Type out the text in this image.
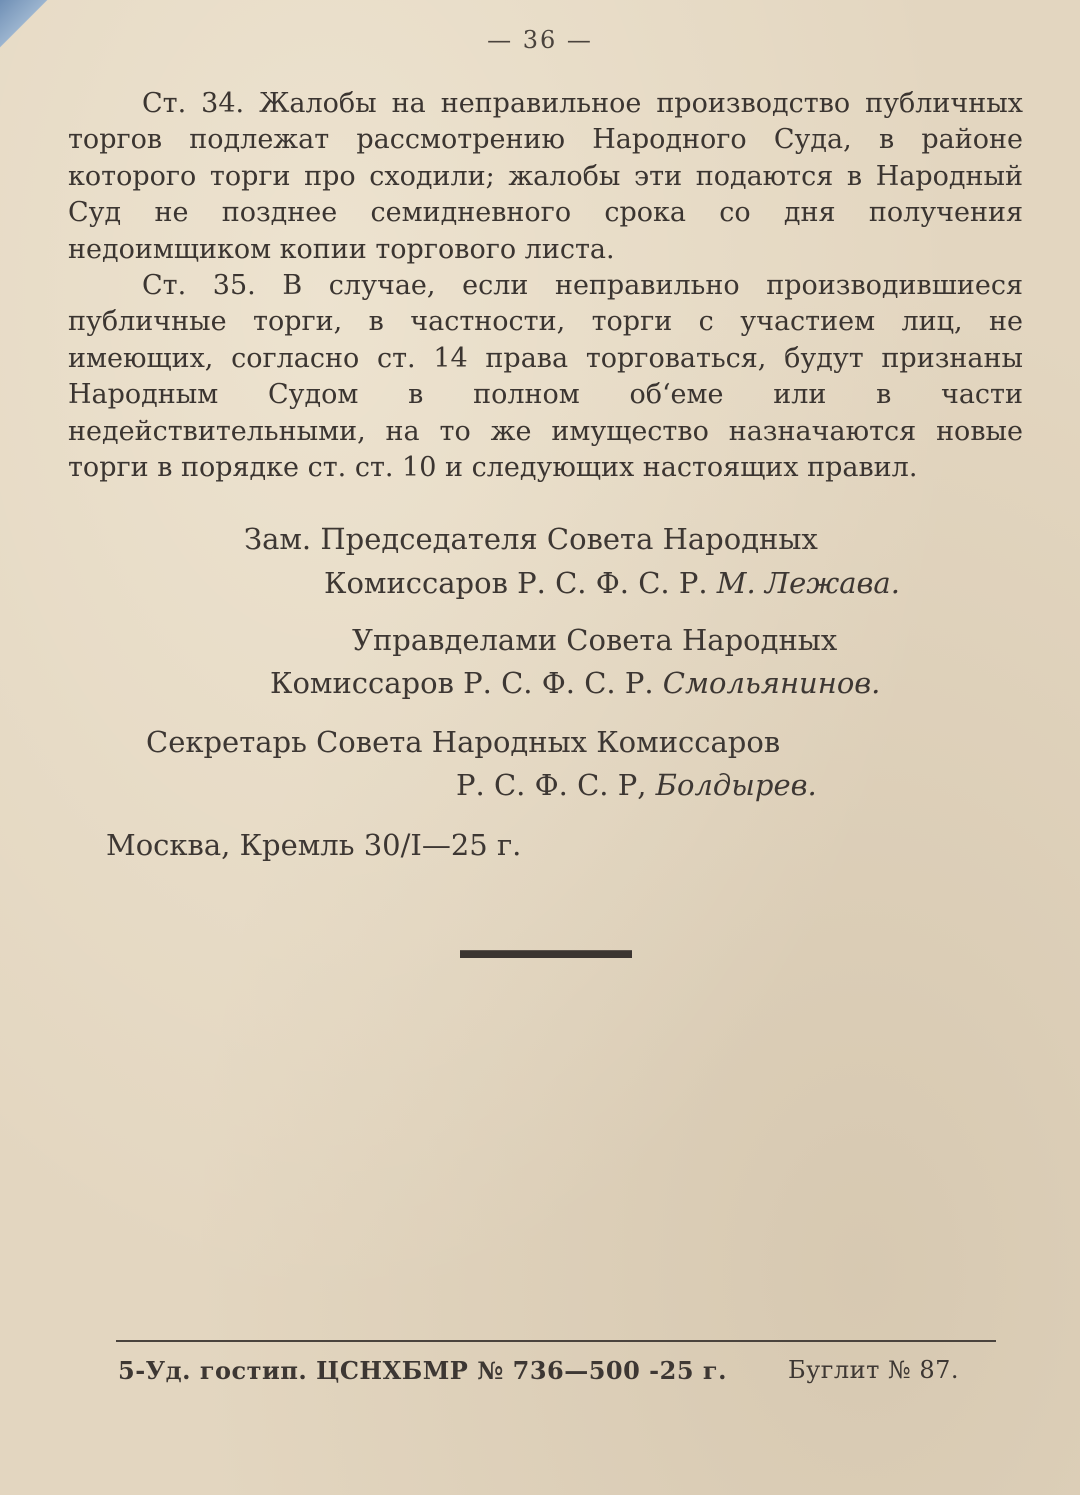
— 36 —

Ст. 34. Жалобы на неправильное производство публичных торгов подлежат рассмотрению Народного Суда, в районе которого торги про сходили; жалобы эти подаются в Народный Суд не позднее семидневного срока со дня получения недоимщиком копии торгового листа.

Ст. 35. В случае, если неправильно производившиеся публичные торги, в частности, торги с участием лиц, не имеющих, согласно ст. 14 права торговаться, будут признаны Народным Судом в полном об‘еме или в части недействительными, на то же имущество назначаются новые торги в порядке ст. ст. 10 и следующих настоящих правил.

Зам. Председателя Совета Народных
Комиссаров Р. С. Ф. С. Р. М. Лежава.
Управделами Совета Народных
Комиссаров Р. С. Ф. С. Р. Смольянинов.
Секретарь Совета Народных Комиссаров
Р. С. Ф. С. Р, Болдырев.
Москва, Кремль 30/I—25 г.
5-Уд. гостип. ЦСНХБМР № 736—500 -25 г.	Буглит № 87.
